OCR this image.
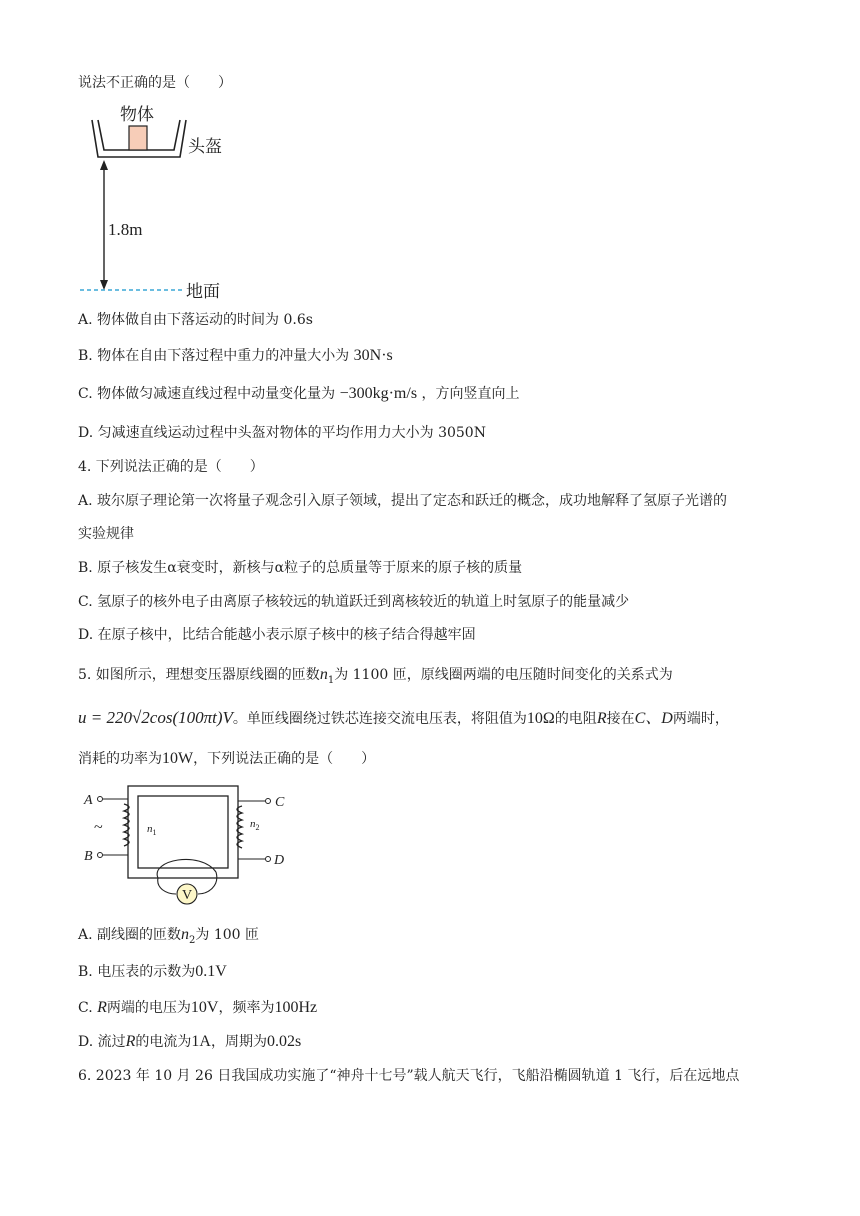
说法不正确的是（　　）
物体
头盔
1.8m
地面
A. 物体做自由下落运动的时间为 0.6s
B. 物体在自由下落过程中重力的冲量大小为 30N·s
C. 物体做匀减速直线过程中动量变化量为 −300kg·m/s ，方向竖直向上
D. 匀减速直线运动过程中头盔对物体的平均作用力大小为 3050N
4. 下列说法正确的是（　　）
A. 玻尔原子理论第一次将量子观念引入原子领域，提出了定态和跃迁的概念，成功地解释了氢原子光谱的
实验规律
B. 原子核发生α衰变时，新核与α粒子的总质量等于原来的原子核的质量
C. 氢原子的核外电子由离原子核较远的轨道跃迁到离核较近的轨道上时氢原子的能量减少
D. 在原子核中，比结合能越小表示原子核中的核子结合得越牢固
5. 如图所示，理想变压器原线圈的匝数$n_1$为 1100 匝，原线圈两端的电压随时间变化的关系式为
u = 220√2cos(100πt)V。单匝线圈绕过铁芯连接交流电压表，将阻值为10Ω的电阻R接在C、D两端时，
消耗的功率为10W，下列说法正确的是（　　）
V
A
B
C
D
~	$n_1$
$n_2$
A. 副线圈的匝数$n_2$为 100 匝
B. 电压表的示数为0.1V
C. R两端的电压为10V，频率为100Hz
D. 流过R的电流为1A，周期为0.02s
6. 2023 年 10 月 26 日我国成功实施了“神舟十七号”载人航天飞行，飞船沿椭圆轨道 1 飞行，后在远地点
